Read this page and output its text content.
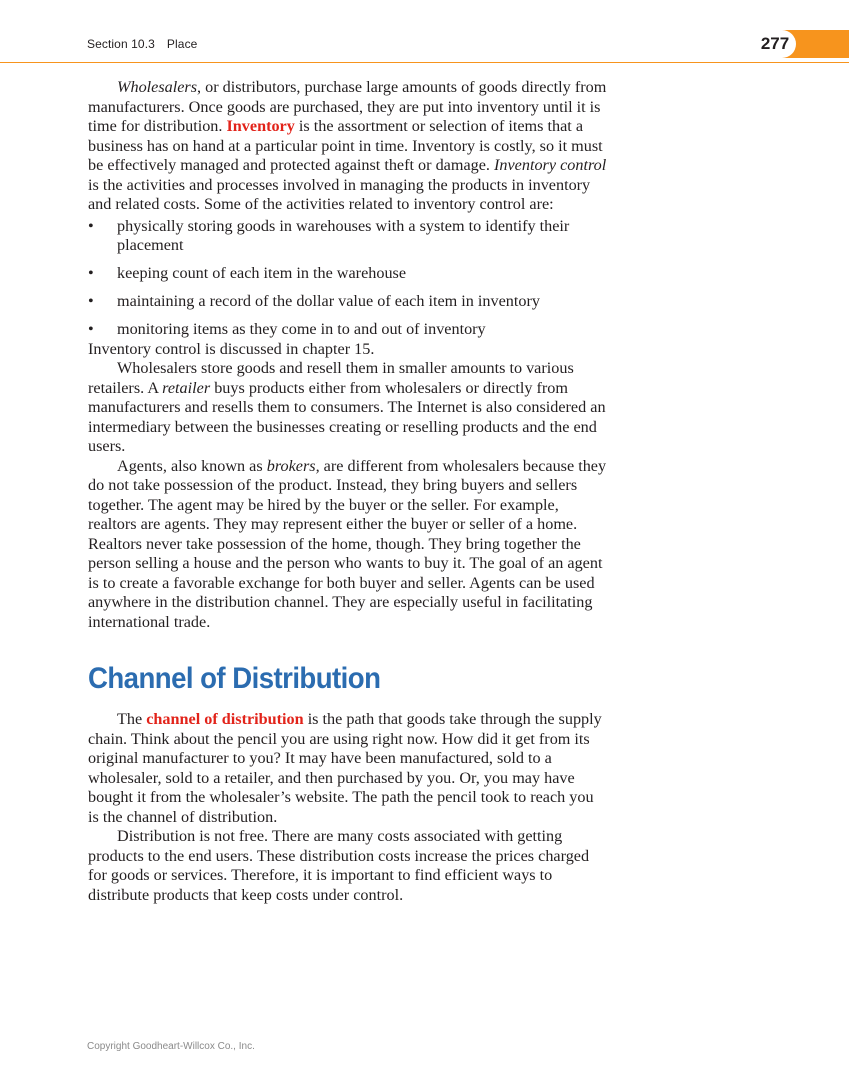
Section 10.3 Place	277

Wholesalers, or distributors, purchase large amounts of goods directly from manufacturers. Once goods are purchased, they are put into inventory until it is time for distribution. Inventory is the assortment or selection of items that a business has on hand at a particular point in time. Inventory is costly, so it must be effectively managed and protected against theft or damage. Inventory control is the activities and processes involved in managing the products in inventory and related costs. Some of the activities related to inventory control are:

• physically storing goods in warehouses with a system to identify their placement
• keeping count of each item in the warehouse
• maintaining a record of the dollar value of each item in inventory
• monitoring items as they come in to and out of inventory

Inventory control is discussed in chapter 15.

Wholesalers store goods and resell them in smaller amounts to various retailers. A retailer buys products either from wholesalers or directly from manufacturers and resells them to consumers. The Internet is also considered an intermediary between the businesses creating or reselling products and the end users.

Agents, also known as brokers, are different from wholesalers because they do not take possession of the product. Instead, they bring buyers and sellers together. The agent may be hired by the buyer or the seller. For example, realtors are agents. They may represent either the buyer or seller of a home. Realtors never take possession of the home, though. They bring together the person selling a house and the person who wants to buy it. The goal of an agent is to create a favorable exchange for both buyer and seller. Agents can be used anywhere in the distribution channel. They are especially useful in facilitating international trade.

Channel of Distribution

The channel of distribution is the path that goods take through the supply chain. Think about the pencil you are using right now. How did it get from its original manufacturer to you? It may have been manufactured, sold to a wholesaler, sold to a retailer, and then purchased by you. Or, you may have bought it from the wholesaler’s website. The path the pencil took to reach you is the channel of distribution.

Distribution is not free. There are many costs associated with getting products to the end users. These distribution costs increase the prices charged for goods or services. Therefore, it is important to find efficient ways to distribute products that keep costs under control.

Copyright Goodheart-Willcox Co., Inc.
